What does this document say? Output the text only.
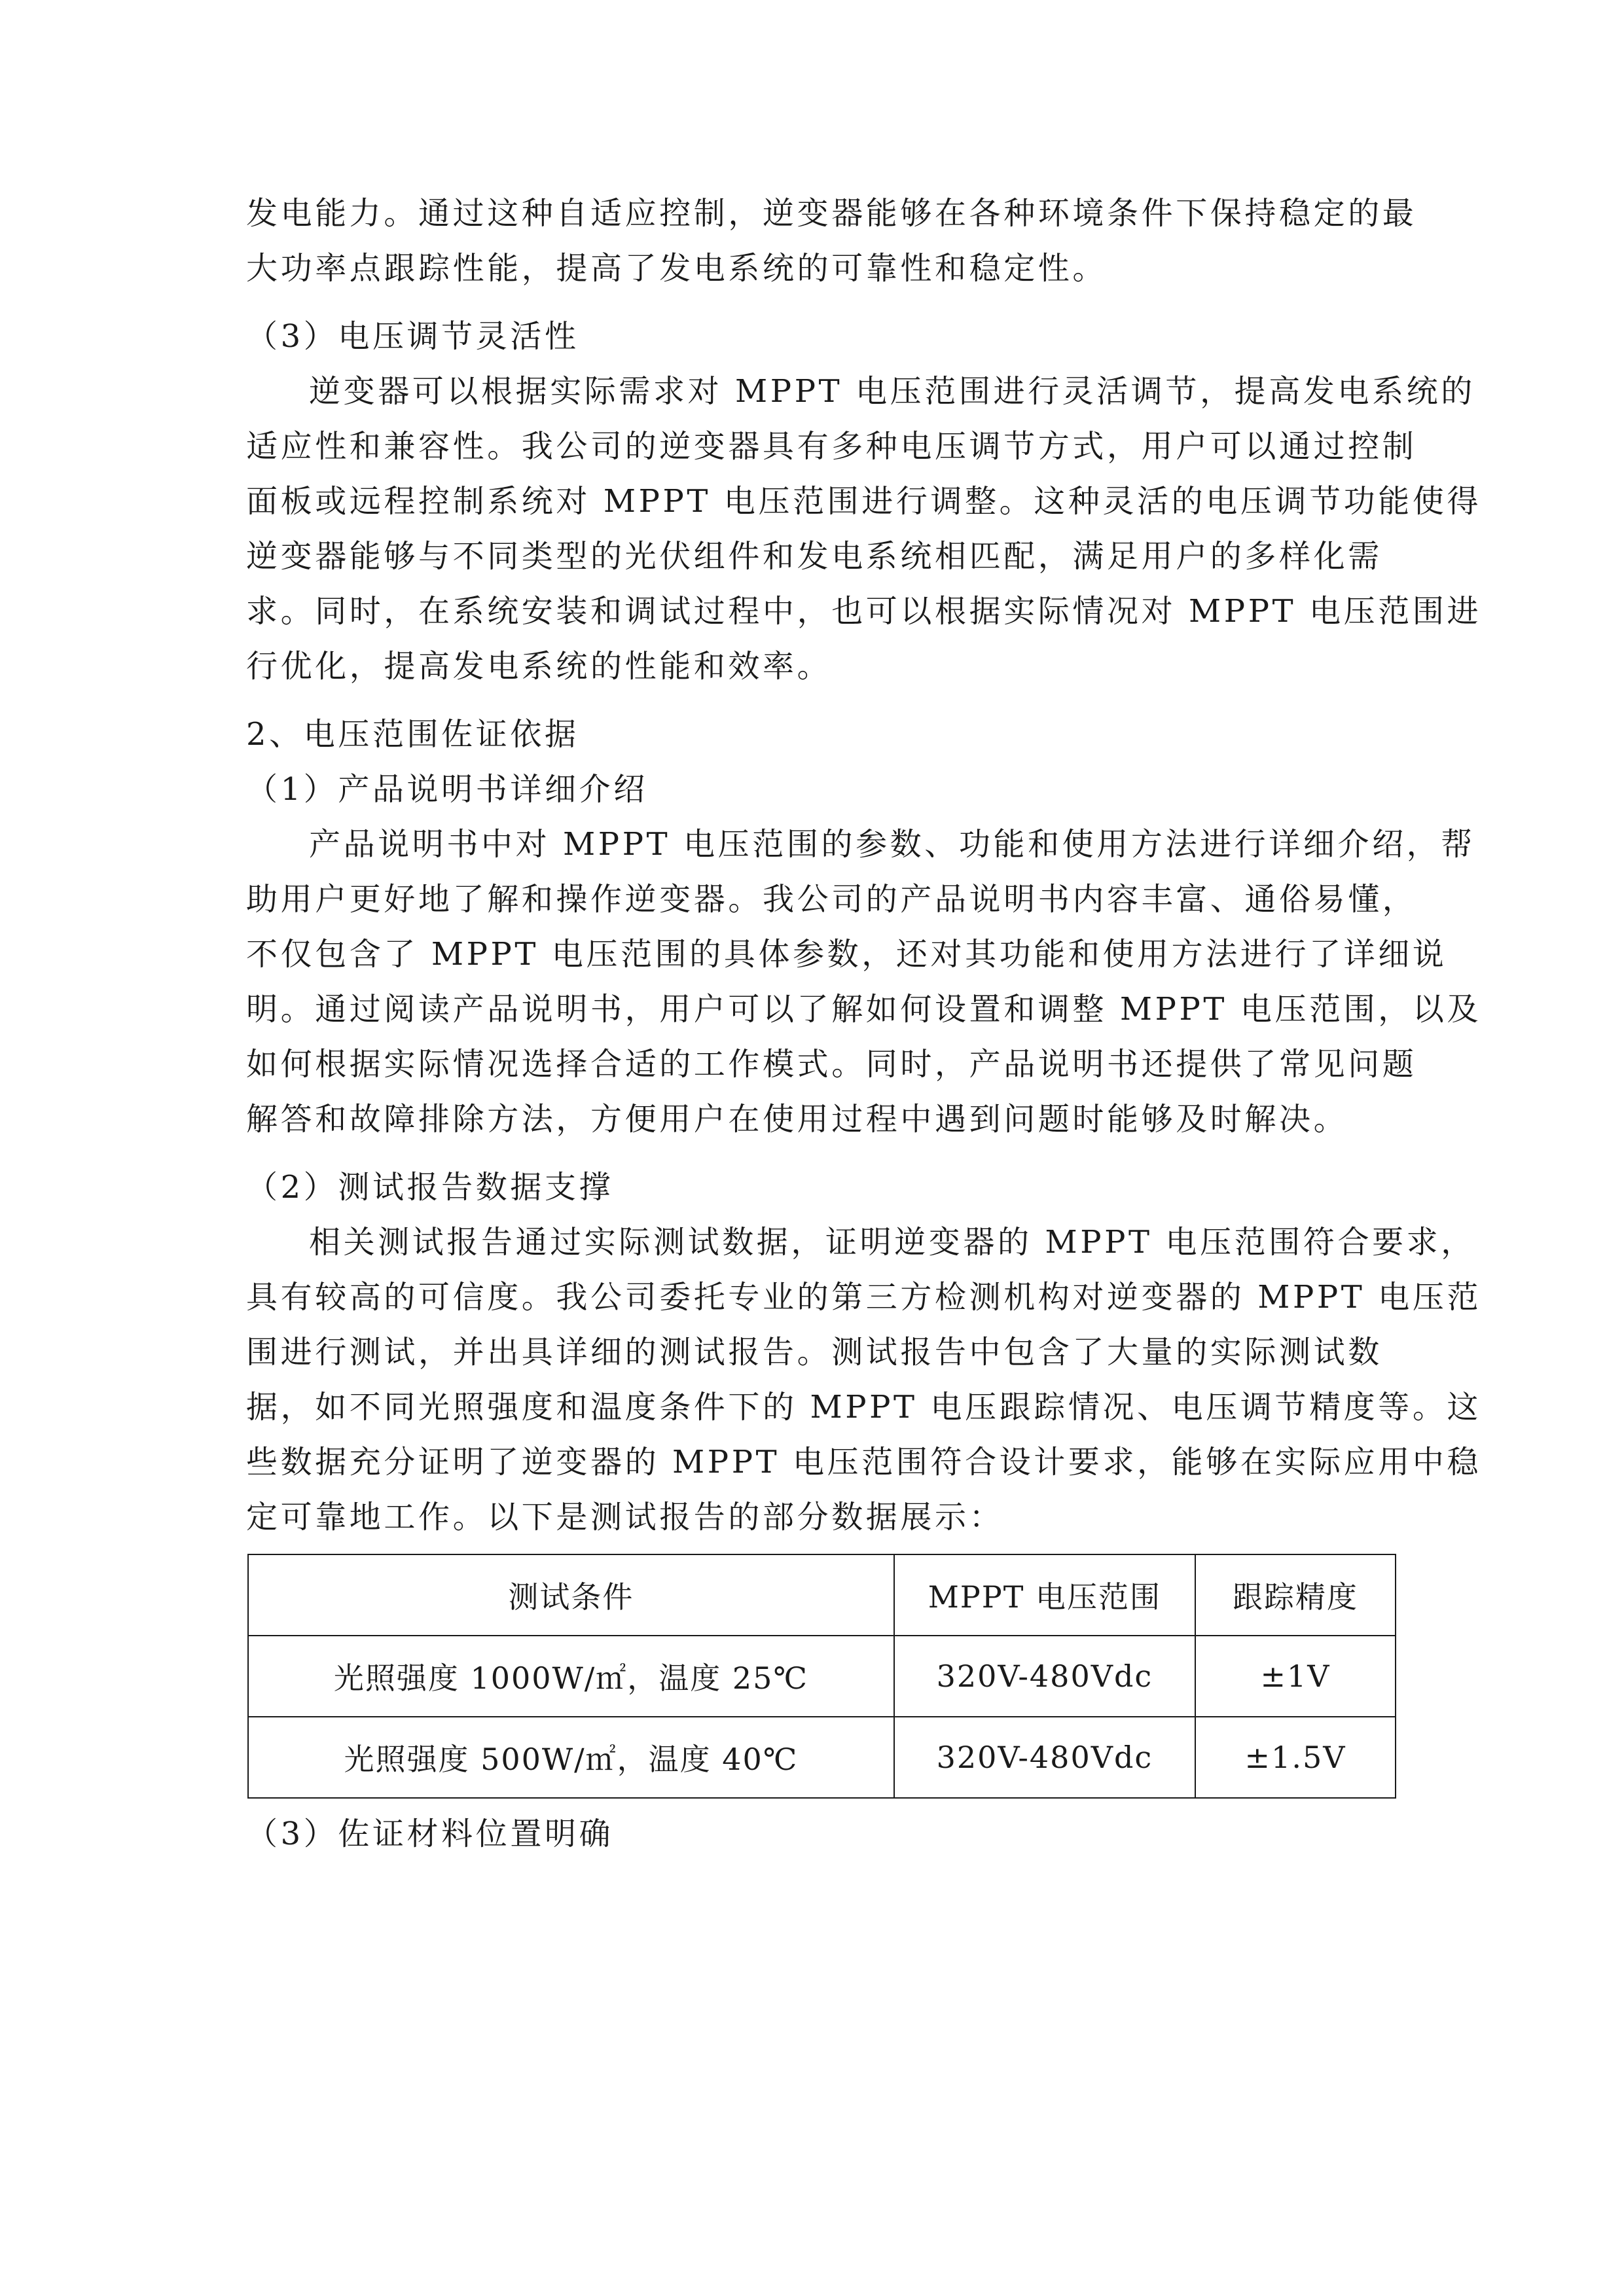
发电能力。通过这种自适应控制，逆变器能够在各种环境条件下保持稳定的最
大功率点跟踪性能，提高了发电系统的可靠性和稳定性。
（3）电压调节灵活性
逆变器可以根据实际需求对 MPPT 电压范围进行灵活调节，提高发电系统的
适应性和兼容性。我公司的逆变器具有多种电压调节方式，用户可以通过控制
面板或远程控制系统对 MPPT 电压范围进行调整。这种灵活的电压调节功能使得
逆变器能够与不同类型的光伏组件和发电系统相匹配，满足用户的多样化需
求。同时，在系统安装和调试过程中，也可以根据实际情况对 MPPT 电压范围进
行优化，提高发电系统的性能和效率。
2、电压范围佐证依据
（1）产品说明书详细介绍
产品说明书中对 MPPT 电压范围的参数、功能和使用方法进行详细介绍，帮
助用户更好地了解和操作逆变器。我公司的产品说明书内容丰富、通俗易懂，
不仅包含了 MPPT 电压范围的具体参数，还对其功能和使用方法进行了详细说
明。通过阅读产品说明书，用户可以了解如何设置和调整 MPPT 电压范围，以及
如何根据实际情况选择合适的工作模式。同时，产品说明书还提供了常见问题
解答和故障排除方法，方便用户在使用过程中遇到问题时能够及时解决。
（2）测试报告数据支撑
相关测试报告通过实际测试数据，证明逆变器的 MPPT 电压范围符合要求，
具有较高的可信度。我公司委托专业的第三方检测机构对逆变器的 MPPT 电压范
围进行测试，并出具详细的测试报告。测试报告中包含了大量的实际测试数
据，如不同光照强度和温度条件下的 MPPT 电压跟踪情况、电压调节精度等。这
些数据充分证明了逆变器的 MPPT 电压范围符合设计要求，能够在实际应用中稳
定可靠地工作。以下是测试报告的部分数据展示：
测试条件	MPPT 电压范围	跟踪精度
光照强度 1000W/㎡，温度 25℃	320V-480Vdc	±1V
光照强度 500W/㎡，温度 40℃	320V-480Vdc	±1.5V
（3）佐证材料位置明确
